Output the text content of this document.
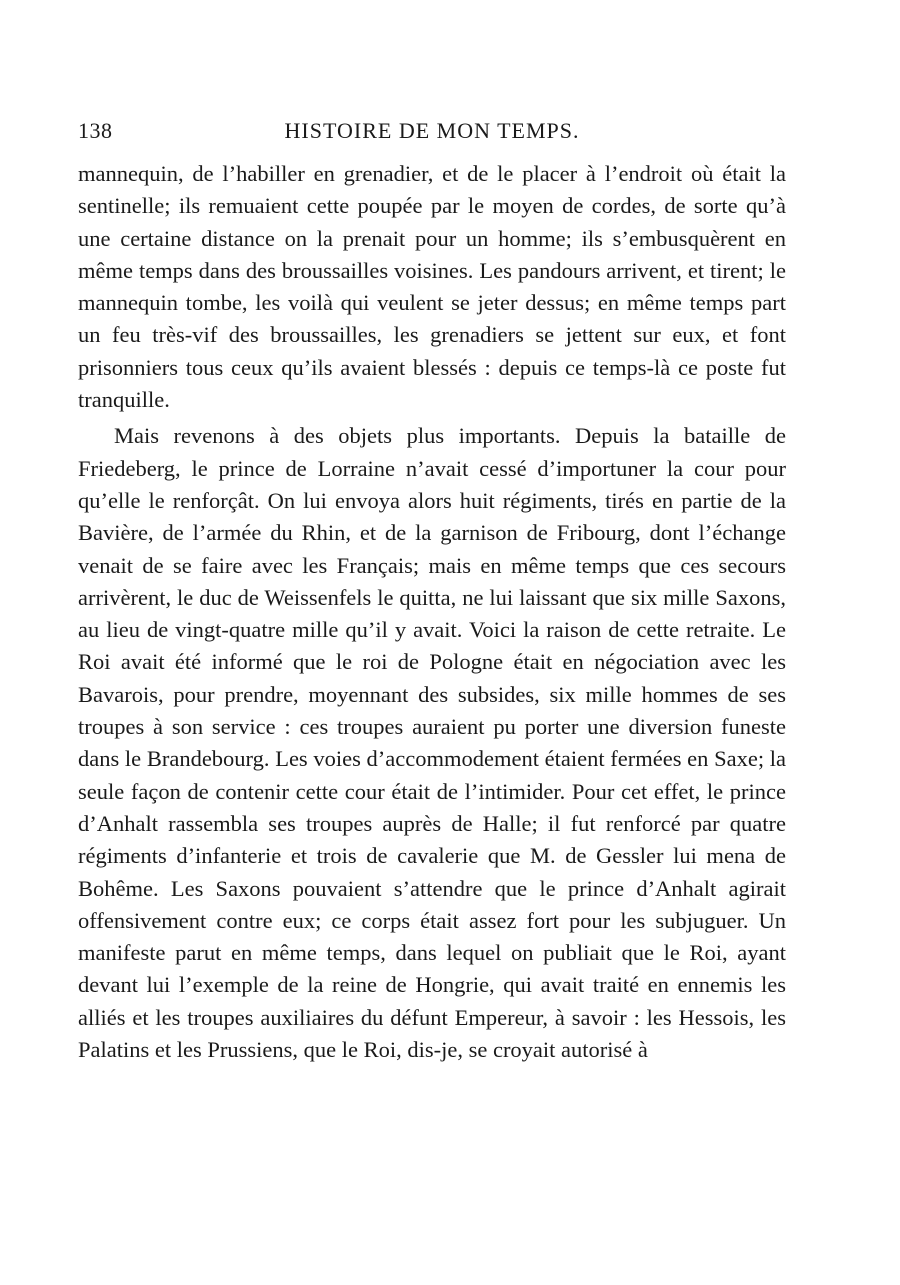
138	HISTOIRE DE MON TEMPS.

mannequin, de l’habiller en grenadier, et de le placer à l’endroit où était la sentinelle; ils remuaient cette poupée par le moyen de cordes, de sorte qu’à une certaine distance on la prenait pour un homme; ils s’embusquèrent en même temps dans des broussailles voisines. Les pandours arrivent, et tirent; le mannequin tombe, les voilà qui veulent se jeter dessus; en même temps part un feu très-vif des broussailles, les grenadiers se jettent sur eux, et font prisonniers tous ceux qu’ils avaient blessés : depuis ce temps-là ce poste fut tranquille.

Mais revenons à des objets plus importants. Depuis la bataille de Friedeberg, le prince de Lorraine n’avait cessé d’importuner la cour pour qu’elle le renforçât. On lui envoya alors huit régiments, tirés en partie de la Bavière, de l’armée du Rhin, et de la garnison de Fribourg, dont l’échange venait de se faire avec les Français; mais en même temps que ces secours arrivèrent, le duc de Weissenfels le quitta, ne lui laissant que six mille Saxons, au lieu de vingt-quatre mille qu’il y avait. Voici la raison de cette retraite. Le Roi avait été informé que le roi de Pologne était en négociation avec les Bavarois, pour prendre, moyennant des subsides, six mille hommes de ses troupes à son service : ces troupes auraient pu porter une diversion funeste dans le Brandebourg. Les voies d’accommodement étaient fermées en Saxe; la seule façon de contenir cette cour était de l’intimider. Pour cet effet, le prince d’Anhalt rassembla ses troupes auprès de Halle; il fut renforcé par quatre régiments d’infanterie et trois de cavalerie que M. de Gessler lui mena de Bohême. Les Saxons pouvaient s’attendre que le prince d’Anhalt agirait offensivement contre eux; ce corps était assez fort pour les subjuguer. Un manifeste parut en même temps, dans lequel on publiait que le Roi, ayant devant lui l’exemple de la reine de Hongrie, qui avait traité en ennemis les alliés et les troupes auxiliaires du défunt Empereur, à savoir : les Hessois, les Palatins et les Prussiens, que le Roi, dis-je, se croyait autorisé à
